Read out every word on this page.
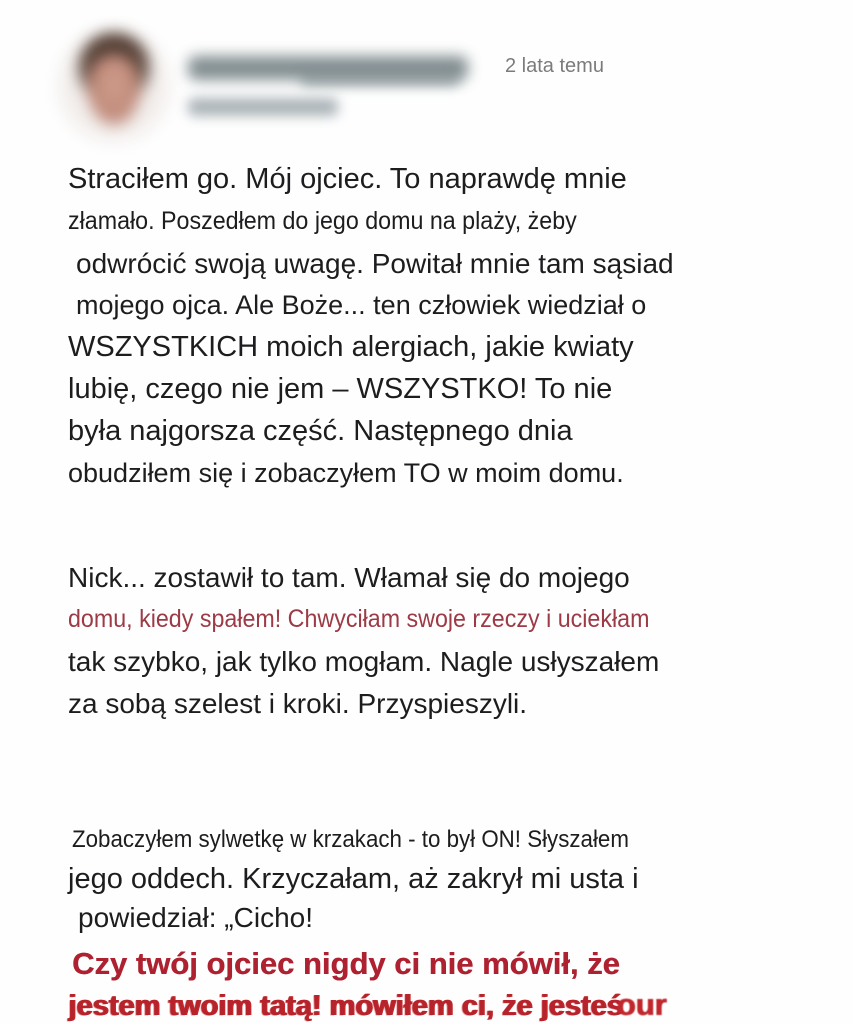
2 lata temu

Straciłem go. Mój ojciec. To naprawdę mnie

złamało. Poszedłem do jego domu na plaży, żeby

odwrócić swoją uwagę. Powitał mnie tam sąsiad

mojego ojca. Ale Boże... ten człowiek wiedział o

WSZYSTKICH moich alergiach, jakie kwiaty

lubię, czego nie jem – WSZYSTKO! To nie

była najgorsza część. Następnego dnia

obudziłem się i zobaczyłem TO w moim domu.

Nick... zostawił to tam. Włamał się do mojego

domu, kiedy spałem! Chwyciłam swoje rzeczy i uciekłam

tak szybko, jak tylko mogłam. Nagle usłyszałem

za sobą szelest i kroki. Przyspieszyli.

Zobaczyłem sylwetkę w krzakach - to był ON! Słyszałem

jego oddech. Krzyczałam, aż zakrył mi usta i

powiedział: „Cicho!

Czy twój ojciec nigdy ci nie mówił, że

jestem twoim tatą! mówiłem ci, że jesteśour
